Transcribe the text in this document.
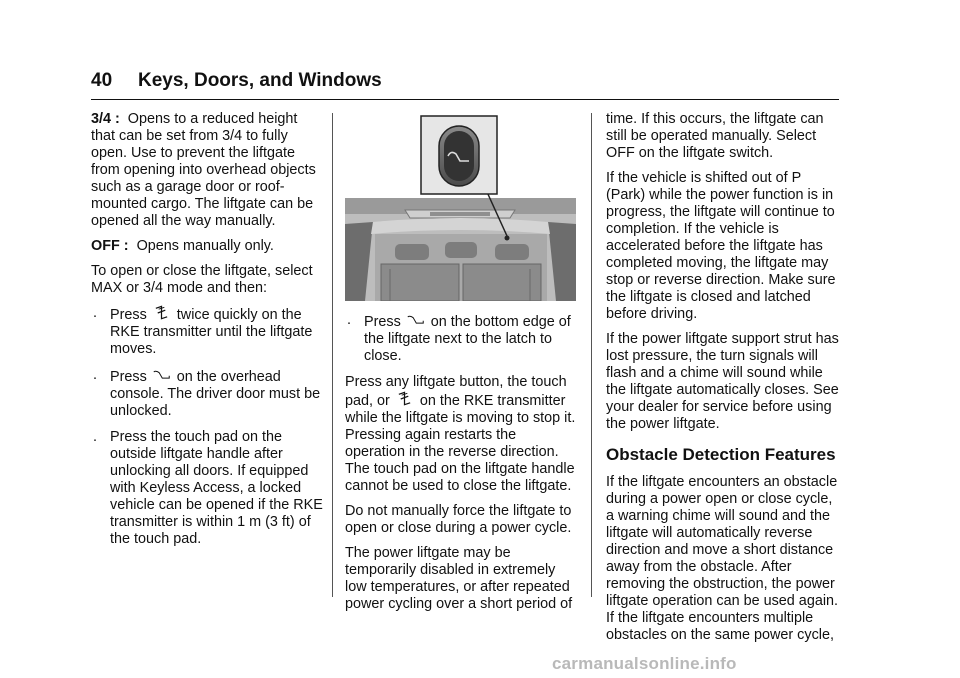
40 Keys, Doors, and Windows

3/4 : Opens to a reduced height that can be set from 3/4 to fully open. Use to prevent the liftgate from opening into overhead objects such as a garage door or roof-mounted cargo. The liftgate can be opened all the way manually.

OFF : Opens manually only.

To open or close the liftgate, select MAX or 3/4 mode and then:

. Press twice quickly on the RKE transmitter until the liftgate moves.
. Press on the overhead console. The driver door must be unlocked.
. Press the touch pad on the outside liftgate handle after unlocking all doors. If equipped with Keyless Access, a locked vehicle can be opened if the RKE transmitter is within 1 m (3 ft) of the touch pad.
. Press on the bottom edge of the liftgate next to the latch to close.

Press any liftgate button, the touch pad, or on the RKE transmitter while the liftgate is moving to stop it. Pressing again restarts the operation in the reverse direction. The touch pad on the liftgate handle cannot be used to close the liftgate.

Do not manually force the liftgate to open or close during a power cycle.

The power liftgate may be temporarily disabled in extremely low temperatures, or after repeated power cycling over a short period of

time. If this occurs, the liftgate can still be operated manually. Select OFF on the liftgate switch.

If the vehicle is shifted out of P (Park) while the power function is in progress, the liftgate will continue to completion. If the vehicle is accelerated before the liftgate has completed moving, the liftgate may stop or reverse direction. Make sure the liftgate is closed and latched before driving.

If the power liftgate support strut has lost pressure, the turn signals will flash and a chime will sound while the liftgate automatically closes. See your dealer for service before using the power liftgate.

Obstacle Detection Features

If the liftgate encounters an obstacle during a power open or close cycle, a warning chime will sound and the liftgate will automatically reverse direction and move a short distance away from the obstacle. After removing the obstruction, the power liftgate operation can be used again. If the liftgate encounters multiple obstacles on the same power cycle,

carmanualsonline.info
